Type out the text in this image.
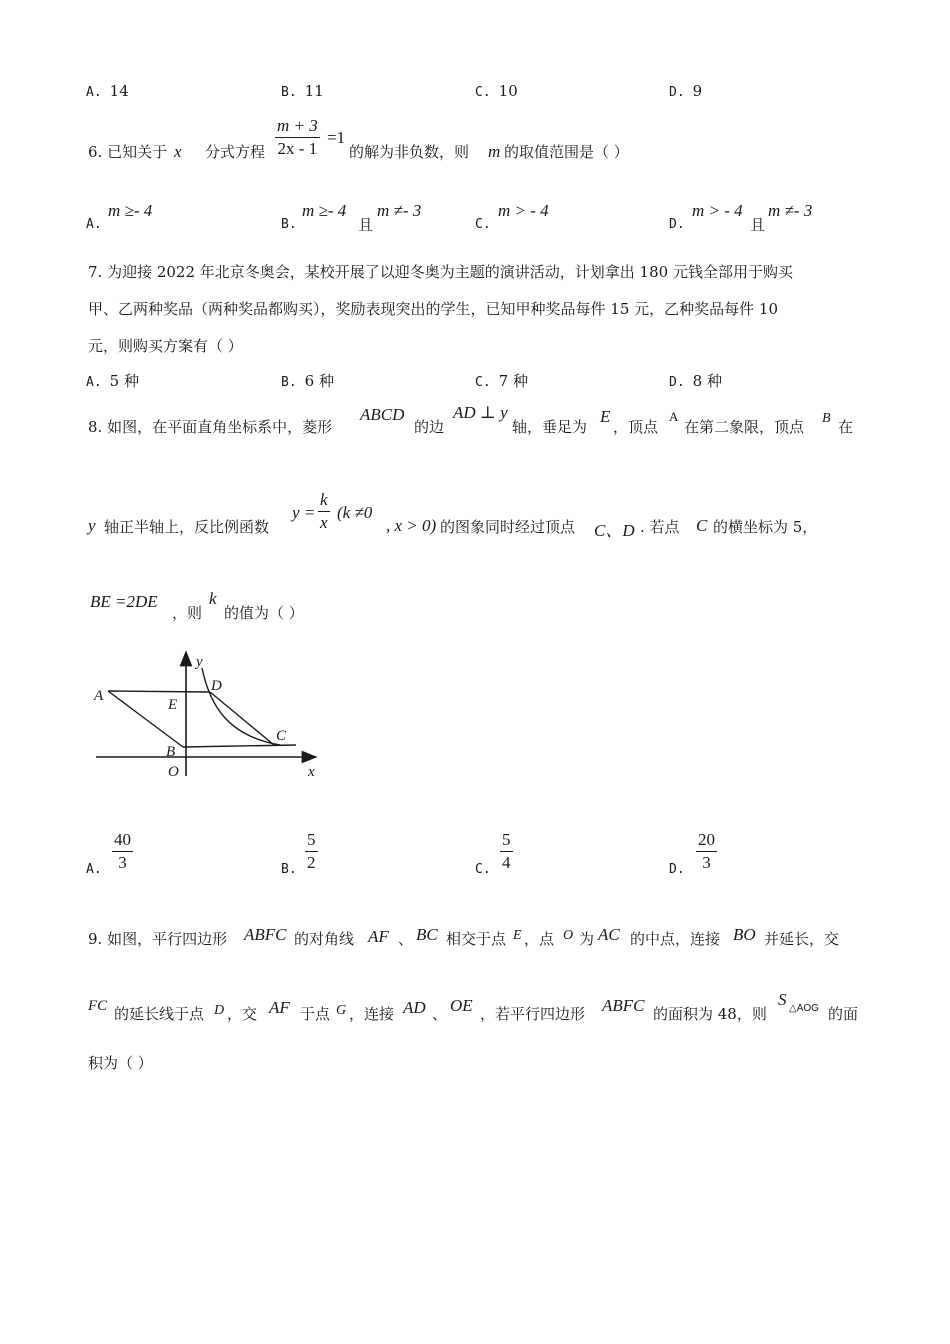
A. 14	B. 11	C. 10	D. 9
6. 已知关于 x 分式方程 $\frac{m + 3}{2x - 1} =1$
的解为非负数，则 m 的取值范围是（ ）
A.
m ≥- 4
B.
m ≥- 4
且
m ≠- 3
C.
m > - 4
D.
m > - 4
且
m ≠- 3
7. 为迎接 2022 年北京冬奥会，某校开展了以迎冬奥为主题的演讲活动，计划拿出 180 元钱全部用于购买
甲、乙两种奖品（两种奖品都购买），奖励表现突出的学生，已知甲种奖品每件 15 元，乙种奖品每件 10
元，则购买方案有（ ）
A. 5 种	B. 6 种	C. 7 种	D. 8 种
8. 如图，在平面直角坐标系中，菱形
ABCD
的边
AD ⊥ y
轴，垂足为
E
，顶点
A
在第二象限，顶点 B 在
y 轴正半轴上，反比例函数
$y = \frac{k}{x} (k \ne 0$
, x > 0) 的图象同时经过顶点 C、D . 若点 C 的横坐标为 5，
BE =2DE
，则
k
的值为（ ）
A
E
B
O
D
C
x
y
A. $\frac{40}{3}$	B. $\frac{5}{2}$	C. $\frac{5}{4}$	D. $\frac{20}{3}$
9. 如图，平行四边形 ABFC 的对角线 AF 、 BC 相交于点 E ，点 O 为 AC 的中点，连接 BO 并延长，交
FC 的延长线于点 D ，交 AF 于点 G ，连接 AD 、 OE ，若平行四边形 ABFC 的面积为 48，则
S △AOG 的面
积为（ ）
